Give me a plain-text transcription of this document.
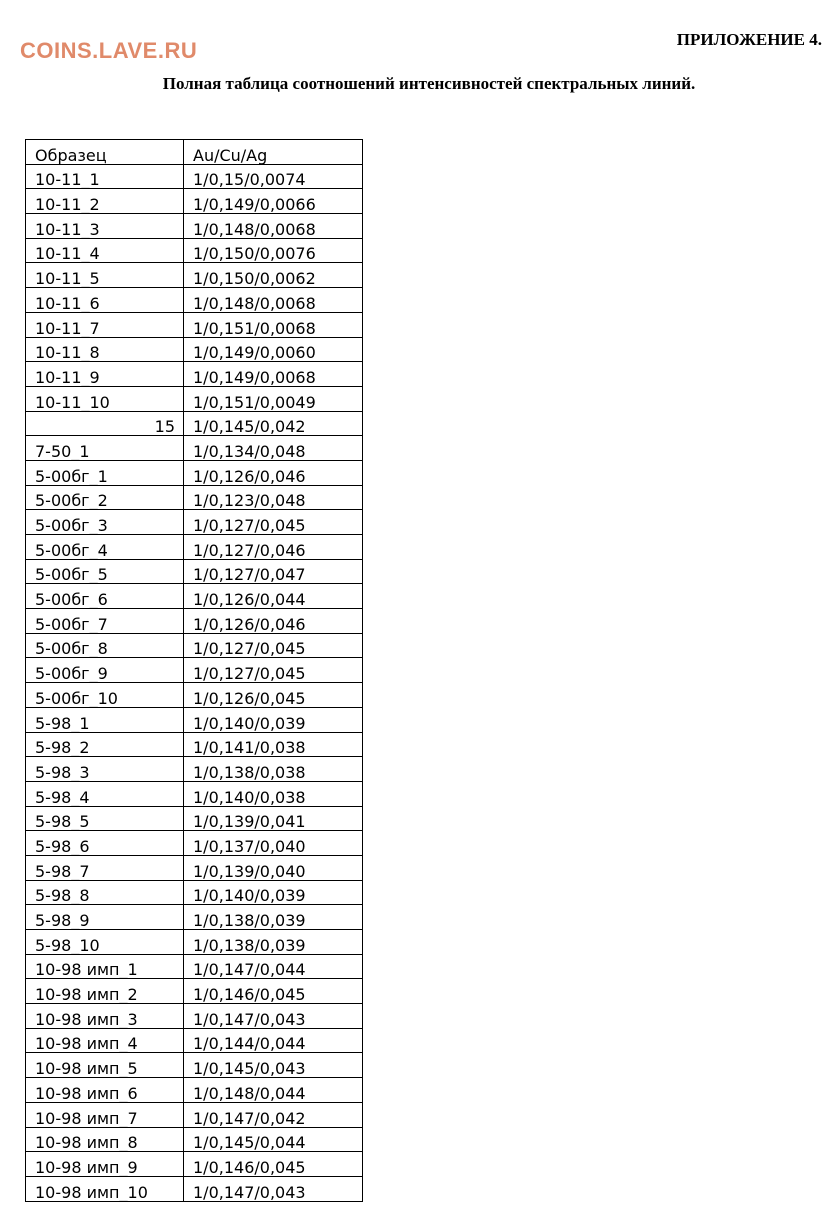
COINS.LAVE.RU	ПРИЛОЖЕНИЕ 4.
Полная таблица соотношений интенсивностей спектральных линий.
Образец	Au/Cu/Ag
10-11_1	1/0,15/0,0074
10-11_2	1/0,149/0,0066
10-11_3	1/0,148/0,0068
10-11_4	1/0,150/0,0076
10-11_5	1/0,150/0,0062
10-11_6	1/0,148/0,0068
10-11_7	1/0,151/0,0068
10-11_8	1/0,149/0,0060
10-11_9	1/0,149/0,0068
10-11_10	1/0,151/0,0049
15	1/0,145/0,042
7-50_1	1/0,134/0,048
5-00бг_1	1/0,126/0,046
5-00бг_2	1/0,123/0,048
5-00бг_3	1/0,127/0,045
5-00бг_4	1/0,127/0,046
5-00бг_5	1/0,127/0,047
5-00бг_6	1/0,126/0,044
5-00бг_7	1/0,126/0,046
5-00бг_8	1/0,127/0,045
5-00бг_9	1/0,127/0,045
5-00бг_10	1/0,126/0,045
5-98_1	1/0,140/0,039
5-98_2	1/0,141/0,038
5-98_3	1/0,138/0,038
5-98_4	1/0,140/0,038
5-98_5	1/0,139/0,041
5-98_6	1/0,137/0,040
5-98_7	1/0,139/0,040
5-98_8	1/0,140/0,039
5-98_9	1/0,138/0,039
5-98_10	1/0,138/0,039
10-98 имп_1	1/0,147/0,044
10-98 имп_2	1/0,146/0,045
10-98 имп_3	1/0,147/0,043
10-98 имп_4	1/0,144/0,044
10-98 имп_5	1/0,145/0,043
10-98 имп_6	1/0,148/0,044
10-98 имп_7	1/0,147/0,042
10-98 имп_8	1/0,145/0,044
10-98 имп_9	1/0,146/0,045
10-98 имп_10	1/0,147/0,043
